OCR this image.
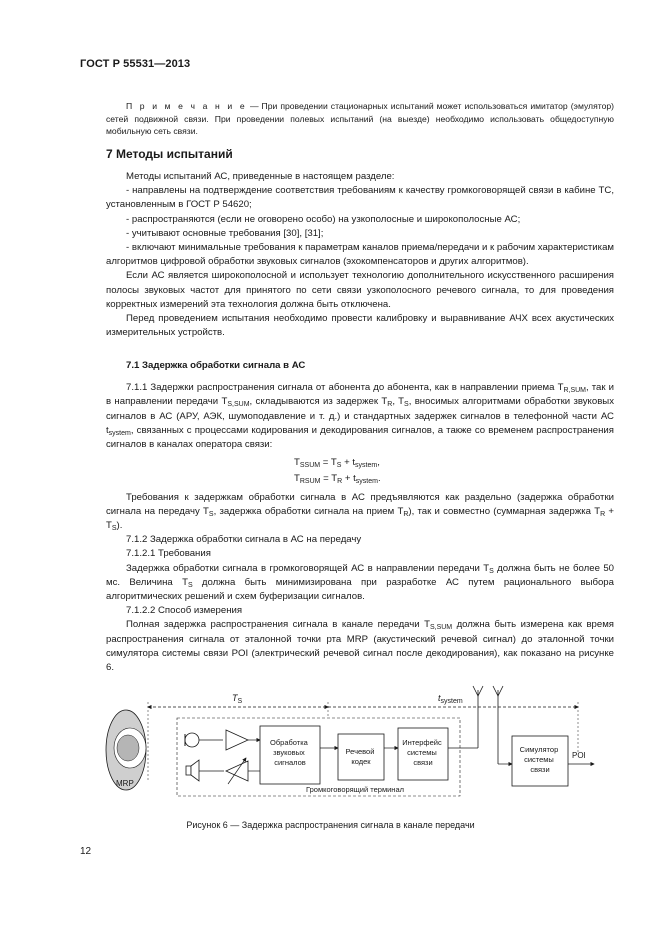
ГОСТ Р 55531—2013

П р и м е ч а н и е — При проведении стационарных испытаний может использоваться имитатор (эмулятор) сетей подвижной связи. При проведении полевых испытаний (на выезде) необходимо использовать общедоступную мобильную сеть связи.

7 Методы испытаний

Методы испытаний АС, приведенные в настоящем разделе:

- направлены на подтверждение соответствия требованиям к качеству громкоговорящей связи в кабине ТС, установленным в ГОСТ Р 54620;

- распространяются (если не оговорено особо) на узкополосные и широкополосные АС;

- учитывают основные требования [30], [31];

- включают минимальные требования к параметрам каналов приема/передачи и к рабочим характеристикам алгоритмов цифровой обработки звуковых сигналов (эхокомпенсаторов и других алгоритмов).

Если АС является широкополосной и использует технологию дополнительного искусственного расширения полосы звуковых частот для принятого по сети связи узкополосного речевого сигнала, то для проведения корректных измерений эта технология должна быть отключена.

Перед проведением испытания необходимо провести калибровку и выравнивание АЧХ всех акустических измерительных устройств.

7.1 Задержка обработки сигнала в АС

7.1.1 Задержки распространения сигнала от абонента до абонента, как в направлении приема $T_{R,SUM}$, так и в направлении передачи $T_{S,SUM}$, складываются из задержек $T_R$, $T_S$, вносимых алгоритмами обработки звуковых сигналов в АС (АРУ, АЭК, шумоподавление и т. д.) и стандартных задержек сигналов в телефонной части АС $t_{system}$, связанных с процессами кодирования и декодирования сигналов, а также со временем распространения сигналов в каналах оператора связи:

$T_{SSUM} = T_S + t_{system}$,

$T_{RSUM} = T_R + t_{system}$.

Требования к задержкам обработки сигнала в АС предъявляются как раздельно (задержка обработки сигнала на передачу $T_S$, задержка обработки сигнала на прием $T_R$), так и совместно (суммарная задержка $T_R + T_S$).

7.1.2 Задержка обработки сигнала в АС на передачу

7.1.2.1 Требования

Задержка обработки сигнала в громкоговорящей АС в направлении передачи $T_S$ должна быть не более 50 мс. Величина $T_S$ должна быть минимизирована при разработке АС путем рационального выбора алгоритмических решений и схем буферизации сигналов.

7.1.2.2 Способ измерения

Полная задержка распространения сигнала в канале передачи $T_{S,SUM}$ должна быть измерена как время распространения сигнала от эталонной точки рта MRP (акустический речевой сигнал) до эталонной точки симулятора системы связи POI (электрический речевой сигнал после декодирования), как показано на рисунке 6.

$T_S$	$t_{system}$
MRP
Громкоговорящий терминал
Обработка звуковых сигналов
Речевой кодек
Интерфейс системы связи
Симулятор системы связи
POI
Рисунок 6 — Задержка распространения сигнала в канале передачи
12
